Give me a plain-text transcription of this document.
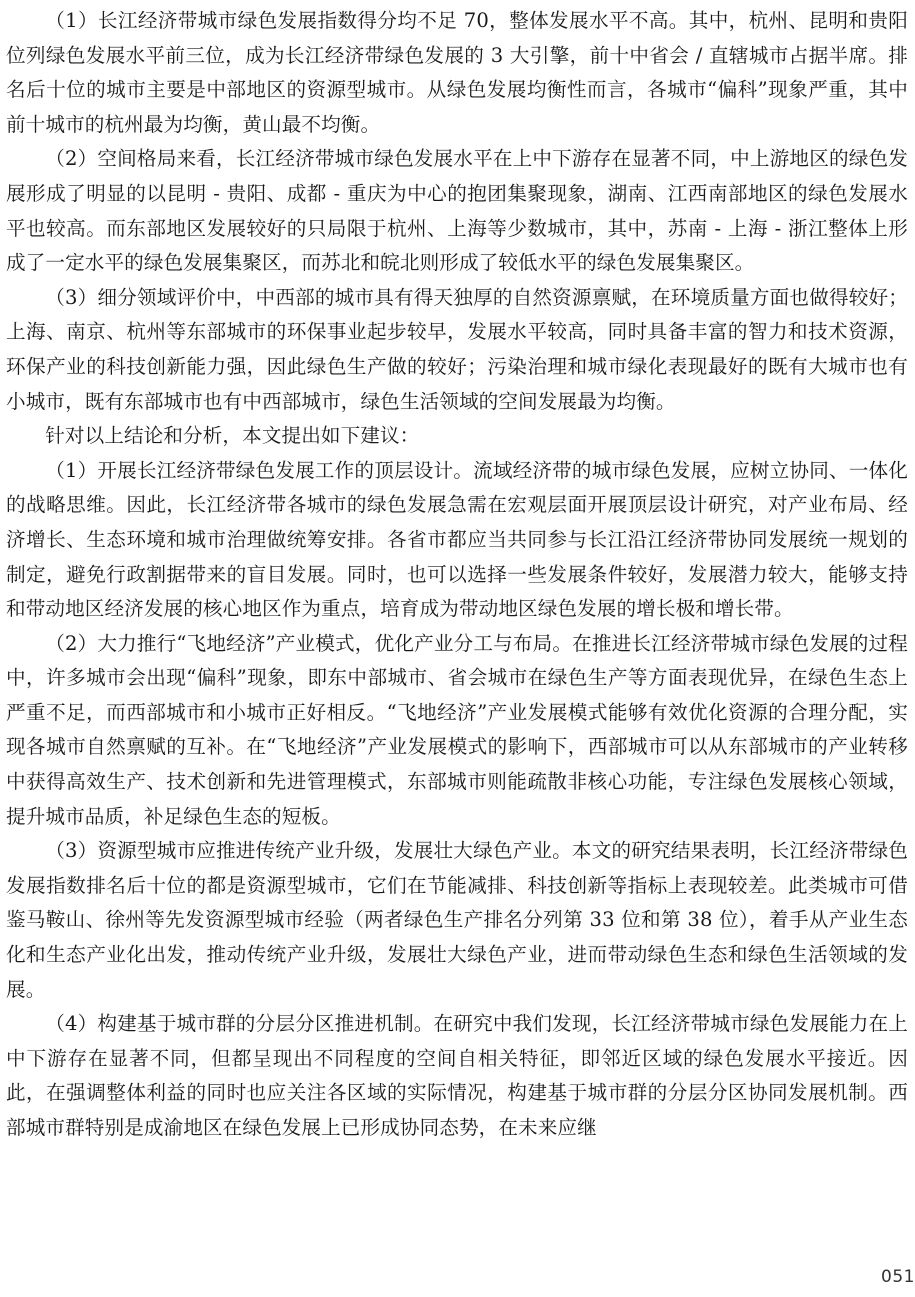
（1）长江经济带城市绿色发展指数得分均不足 70，整体发展水平不高。其中，杭州、昆明和贵阳位列绿色发展水平前三位，成为长江经济带绿色发展的 3 大引擎，前十中省会 / 直辖城市占据半席。排名后十位的城市主要是中部地区的资源型城市。从绿色发展均衡性而言，各城市“偏科”现象严重，其中前十城市的杭州最为均衡，黄山最不均衡。

（2）空间格局来看，长江经济带城市绿色发展水平在上中下游存在显著不同，中上游地区的绿色发展形成了明显的以昆明 - 贵阳、成都 - 重庆为中心的抱团集聚现象，湖南、江西南部地区的绿色发展水平也较高。而东部地区发展较好的只局限于杭州、上海等少数城市，其中，苏南 - 上海 - 浙江整体上形成了一定水平的绿色发展集聚区，而苏北和皖北则形成了较低水平的绿色发展集聚区。

（3）细分领域评价中，中西部的城市具有得天独厚的自然资源禀赋，在环境质量方面也做得较好；上海、南京、杭州等东部城市的环保事业起步较早，发展水平较高，同时具备丰富的智力和技术资源，环保产业的科技创新能力强，因此绿色生产做的较好；污染治理和城市绿化表现最好的既有大城市也有小城市，既有东部城市也有中西部城市，绿色生活领域的空间发展最为均衡。

针对以上结论和分析，本文提出如下建议：

（1）开展长江经济带绿色发展工作的顶层设计。流域经济带的城市绿色发展，应树立协同、一体化的战略思维。因此，长江经济带各城市的绿色发展急需在宏观层面开展顶层设计研究，对产业布局、经济增长、生态环境和城市治理做统筹安排。各省市都应当共同参与长江沿江经济带协同发展统一规划的制定，避免行政割据带来的盲目发展。同时，也可以选择一些发展条件较好，发展潜力较大，能够支持和带动地区经济发展的核心地区作为重点，培育成为带动地区绿色发展的增长极和增长带。

（2）大力推行“飞地经济”产业模式，优化产业分工与布局。在推进长江经济带城市绿色发展的过程中，许多城市会出现“偏科”现象，即东中部城市、省会城市在绿色生产等方面表现优异，在绿色生态上严重不足，而西部城市和小城市正好相反。“飞地经济”产业发展模式能够有效优化资源的合理分配，实现各城市自然禀赋的互补。在“飞地经济”产业发展模式的影响下，西部城市可以从东部城市的产业转移中获得高效生产、技术创新和先进管理模式，东部城市则能疏散非核心功能，专注绿色发展核心领域，提升城市品质，补足绿色生态的短板。

（3）资源型城市应推进传统产业升级，发展壮大绿色产业。本文的研究结果表明，长江经济带绿色发展指数排名后十位的都是资源型城市，它们在节能减排、科技创新等指标上表现较差。此类城市可借鉴马鞍山、徐州等先发资源型城市经验（两者绿色生产排名分列第 33 位和第 38 位），着手从产业生态化和生态产业化出发，推动传统产业升级，发展壮大绿色产业，进而带动绿色生态和绿色生活领域的发展。

（4）构建基于城市群的分层分区推进机制。在研究中我们发现，长江经济带城市绿色发展能力在上中下游存在显著不同，但都呈现出不同程度的空间自相关特征，即邻近区域的绿色发展水平接近。因此，在强调整体利益的同时也应关注各区域的实际情况，构建基于城市群的分层分区协同发展机制。西部城市群特别是成渝地区在绿色发展上已形成协同态势，在未来应继

051
